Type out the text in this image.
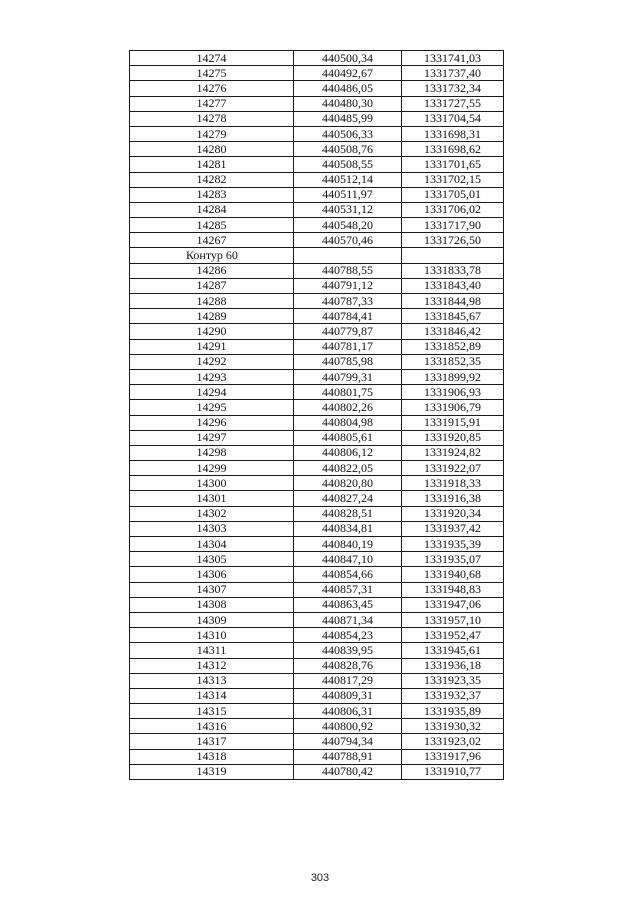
14274	440500,34	1331741,03
14275	440492,67	1331737,40
14276	440486,05	1331732,34
14277	440480,30	1331727,55
14278	440485,99	1331704,54
14279	440506,33	1331698,31
14280	440508,76	1331698,62
14281	440508,55	1331701,65
14282	440512,14	1331702,15
14283	440511,97	1331705,01
14284	440531,12	1331706,02
14285	440548,20	1331717,90
14267	440570,46	1331726,50
Контур 60		
14286	440788,55	1331833,78
14287	440791,12	1331843,40
14288	440787,33	1331844,98
14289	440784,41	1331845,67
14290	440779,87	1331846,42
14291	440781,17	1331852,89
14292	440785,98	1331852,35
14293	440799,31	1331899,92
14294	440801,75	1331906,93
14295	440802,26	1331906,79
14296	440804,98	1331915,91
14297	440805,61	1331920,85
14298	440806,12	1331924,82
14299	440822,05	1331922,07
14300	440820,80	1331918,33
14301	440827,24	1331916,38
14302	440828,51	1331920,34
14303	440834,81	1331937,42
14304	440840,19	1331935,39
14305	440847,10	1331935,07
14306	440854,66	1331940,68
14307	440857,31	1331948,83
14308	440863,45	1331947,06
14309	440871,34	1331957,10
14310	440854,23	1331952,47
14311	440839,95	1331945,61
14312	440828,76	1331936,18
14313	440817,29	1331923,35
14314	440809,31	1331932,37
14315	440806,31	1331935,89
14316	440800,92	1331930,32
14317	440794,34	1331923,02
14318	440788,91	1331917,96
14319	440780,42	1331910,77
303
